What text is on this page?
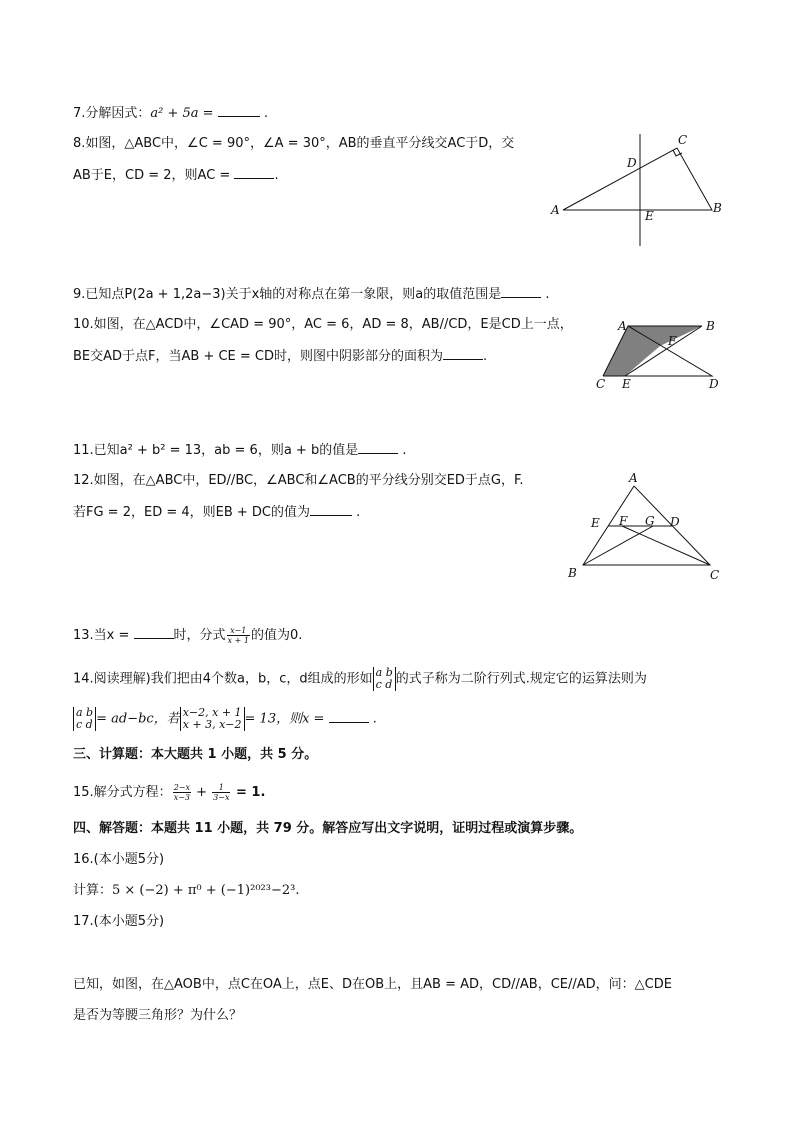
7.分解因式：a² + 5a =	.
8.如图，△ABC中，∠C = 90°，∠A = 30°，AB的垂直平分线交AC于D，交
AB于E，CD = 2，则AC =	.
A	B
C
D
E
9.已知点P(2a + 1,2a−3)关于x轴的对称点在第一象限，则a的取值范围是	.
10.如图，在△ACD中，∠CAD = 90°，AC = 6，AD = 8，AB//CD，E是CD上一点，
BE交AD于点F，当AB + CE = CD时，则图中阴影部分的面积为	.
A	B
C	D
E
F
11.已知a² + b² = 13，ab = 6，则a + b的值是	.
12.如图，在△ABC中，ED//BC，∠ABC和∠ACB的平分线分别交ED于点G，F.
若FG = 2，ED = 4，则EB + DC的值为	.
A
B	C
D
E F G
13.当x =	时，分式 $\frac{x-1}{x + 1}$ 的值为0.
14.阅读理解)我们把由4个数a，b，c，d组成的形如 a b
c d 的式子称为二阶行列式.规定它的运算法则为
a b
c d = ad−bc，若 x−2, x + 1
x + 3, x−2 = 13，则x =	.
三、计算题：本大题共 1 小题，共 5 分。
15.解分式方程： $\frac{2-x}{x-3} + \frac{1}{3-x} = 1$.
四、解答题：本题共 11 小题，共 79 分。解答应写出文字说明，证明过程或演算步骤。
16.(本小题5分)
计算：5 × (−2) + π⁰ + (−1)²⁰²³−2³.
17.(本小题5分)
已知，如图，在△AOB中，点C在OA上，点E、D在OB上，且AB = AD，CD//AB，CE//AD，问：△CDE
是否为等腰三角形？为什么？
